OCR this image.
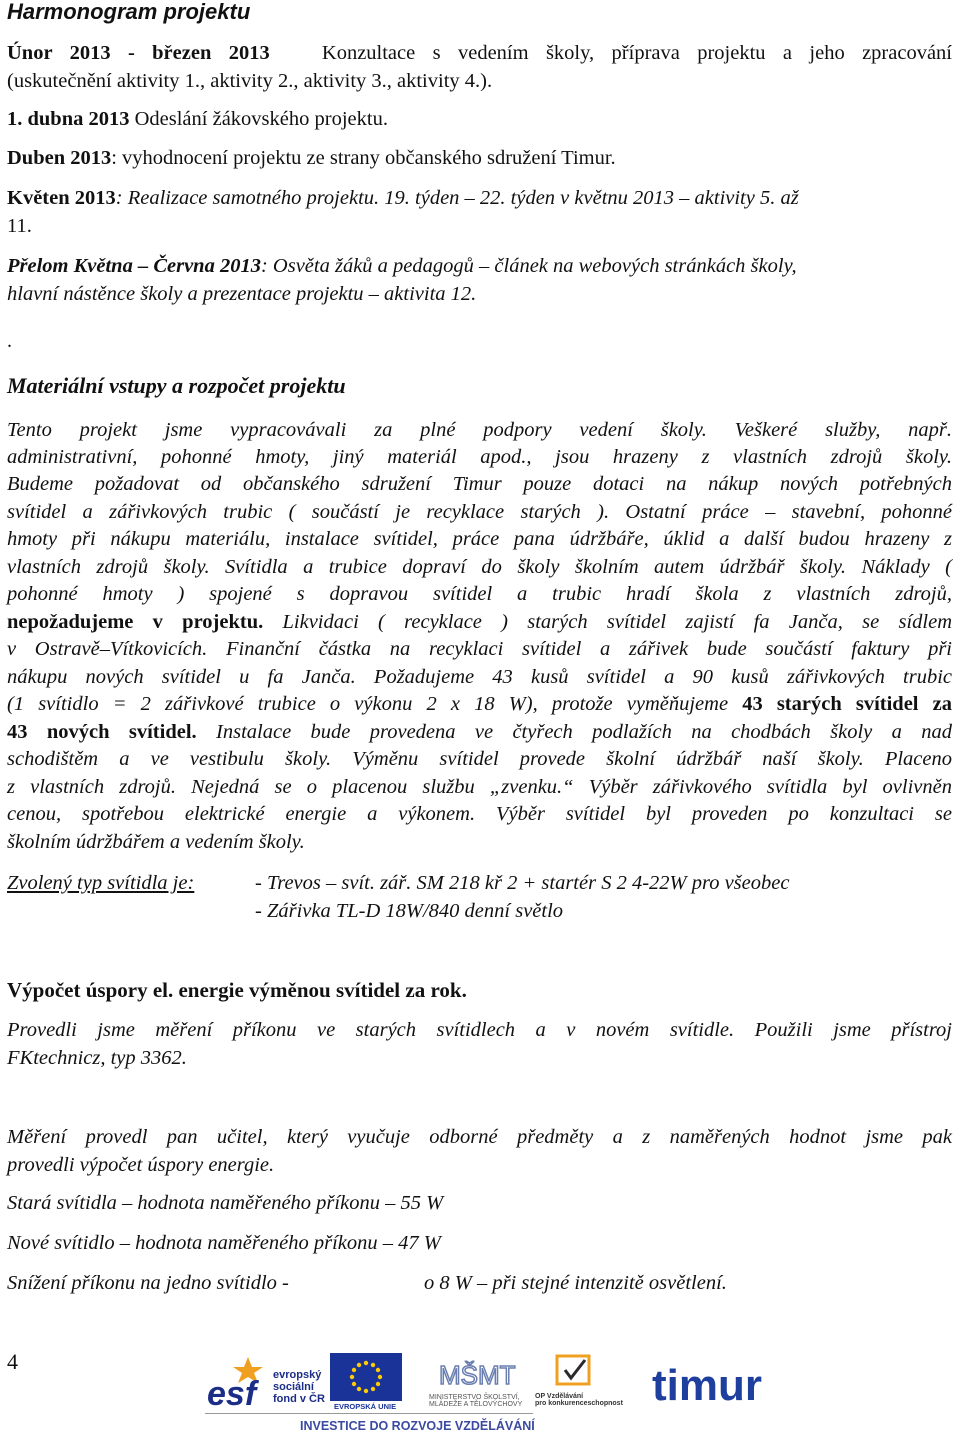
Harmonogram projektu
Únor 2013 - březen 2013	Konzultace s vedením školy, příprava projektu a jeho zpracování
(uskutečnění aktivity 1., aktivity 2., aktivity 3., aktivity 4.).
1. dubna 2013 Odeslání žákovského projektu.
Duben 2013: vyhodnocení projektu ze strany občanského sdružení Timur.
Květen 2013: Realizace samotného projektu. 19. týden – 22. týden v květnu 2013 – aktivity 5. až
11.
Přelom Května – Června 2013: Osvěta žáků a pedagogů – článek na webových stránkách školy,
hlavní nástěnce školy a prezentace projektu – aktivita 12.
.
Materiální vstupy a rozpočet projektu
Tento projekt jsme vypracovávali za plné podpory vedení školy. Veškeré služby, např.
administrativní, pohonné hmoty, jiný materiál apod., jsou hrazeny z vlastních zdrojů školy.
Budeme požadovat od občanského sdružení Timur pouze dotaci na nákup nových potřebných
svítidel a zářivkových trubic ( součástí je recyklace starých ). Ostatní práce – stavební, pohonné
hmoty při nákupu materiálu, instalace svítidel, práce pana údržbáře, úklid a další budou hrazeny z
vlastních zdrojů školy. Svítidla a trubice dopraví do školy školním autem údržbář školy. Náklady (
pohonné hmoty ) spojené s dopravou svítidel a trubic hradí škola z vlastních zdrojů,
nepožadujeme v projektu. Likvidaci ( recyklace ) starých svítidel zajistí fa Janča, se sídlem
v Ostravě–Vítkovicích. Finanční částka na recyklaci svítidel a zářivek bude součástí faktury při
nákupu nových svítidel u fa Janča. Požadujeme 43 kusů svítidel a 90 kusů zářivkových trubic
(1 svítidlo = 2 zářivkové trubice o výkonu 2 x 18 W), protože vyměňujeme 43 starých svítidel za
43 nových svítidel. Instalace bude provedena ve čtyřech podlažích na chodbách školy a nad
schodištěm a ve vestibulu školy. Výměnu svítidel provede školní údržbář naší školy. Placeno
z vlastních zdrojů. Nejedná se o placenou službu „zvenku.“ Výběr zářivkového svítidla byl ovlivněn
cenou, spotřebou elektrické energie a výkonem. Výběr svítidel byl proveden po konzultaci se
školním údržbářem a vedením školy.
Zvolený typ svítidla je:	- Trevos – svít. zář. SM 218 kř 2 + startér S 2 4-22W pro všeobec
- Zářivka TL-D 18W/840 denní světlo
Výpočet úspory el. energie výměnou svítidel za rok.
Provedli jsme měření příkonu ve starých svítidlech a v novém svítidle. Použili jsme přístroj
FKtechnicz, typ 3362.
Měření provedl pan učitel, který vyučuje odborné předměty a z naměřených hodnot jsme pak
provedli výpočet úspory energie.
Stará svítidla – hodnota naměřeného příkonu – 55 W
Nové svítidlo – hodnota naměřeného příkonu – 47 W
Snížení příkonu na jedno svítidlo -	o 8 W – při stejné intenzitě osvětlení.
4
esf	evropský
sociální
fond v ČR
EVROPSKÁ UNIE
MŠMT
MINISTERSTVO ŠKOLSTVÍ,
MLÁDEŽE A TĚLOVÝCHOVY
OP Vzdělávání
pro konkurenceschopnost timur
INVESTICE DO ROZVOJE VZDĚLÁVÁNÍ
